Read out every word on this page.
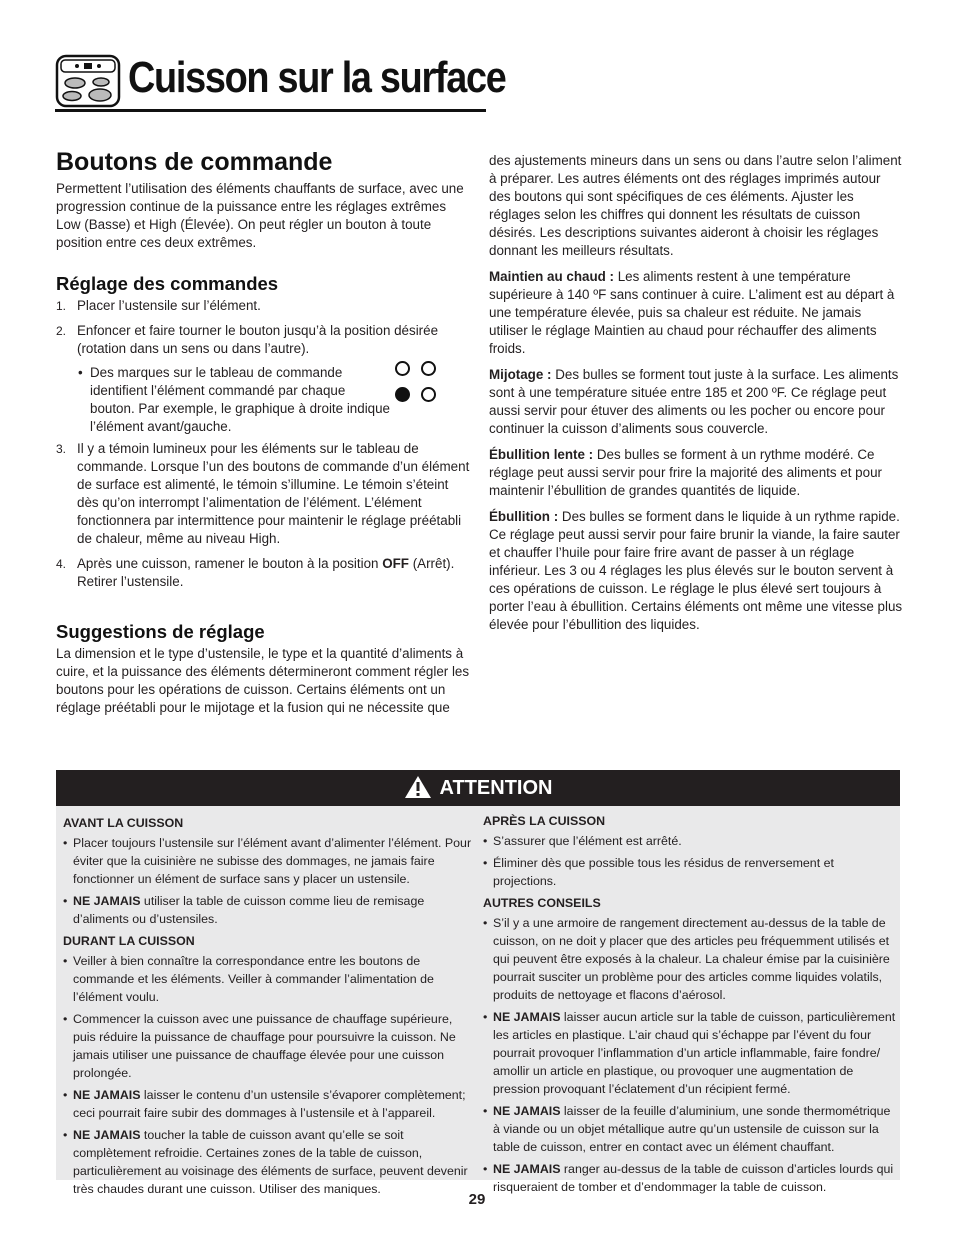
Cuisson sur la surface
Boutons de commande

Permettent l’utilisation des éléments chauffants de surface, avec une progression continue de la puissance entre les réglages extrêmes Low (Basse) et High (Élevée). On peut régler un bouton à toute position entre ces deux extrêmes.

Réglage des commandes
1. Placer l’ustensile sur l’élément.
2. Enfoncer et faire tourner le bouton jusqu’à la position désirée (rotation dans un sens ou dans l’autre).
• Des marques sur le tableau de commande identifient l’élément commandé par chaque bouton. Par exemple, le graphique à droite indique l’élément avant/gauche.
3. Il y a témoin lumineux pour les éléments sur le tableau de commande. Lorsque l’un des boutons de commande d’un élément de surface est alimenté, le témoin s’illumine. Le témoin s’éteint dès qu’on interrompt l’alimentation de l’élément. L’élément fonctionnera par intermittence pour maintenir le réglage préétabli de chaleur, même au niveau High.
4. Après une cuisson, ramener le bouton à la position OFF (Arrêt). Retirer l’ustensile.
Suggestions de réglage

La dimension et le type d’ustensile, le type et la quantité d’aliments à cuire, et la puissance des éléments détermineront comment régler les boutons pour les opérations de cuisson. Certains éléments ont un réglage préétabli pour le mijotage et la fusion qui ne nécessite que

des ajustements mineurs dans un sens ou dans l’autre selon l’aliment à préparer. Les autres éléments ont des réglages imprimés autour des boutons qui sont spécifiques de ces éléments. Ajuster les réglages selon les chiffres qui donnent les résultats de cuisson désirés. Les descriptions suivantes aideront à choisir les réglages donnant les meilleurs résultats.

Maintien au chaud : Les aliments restent à une température supérieure à 140 ºF sans continuer à cuire. L’aliment est au départ à une température élevée, puis sa chaleur est réduite. Ne jamais utiliser le réglage Maintien au chaud pour réchauffer des aliments froids.

Mijotage : Des bulles se forment tout juste à la surface. Les aliments sont à une température située entre 185 et 200 ºF. Ce réglage peut aussi servir pour étuver des aliments ou les pocher ou encore pour continuer la cuisson d’aliments sous couvercle.

Ébullition lente : Des bulles se forment à un rythme modéré. Ce réglage peut aussi servir pour frire la majorité des aliments et pour maintenir l’ébullition de grandes quantités de liquide.

Ébullition : Des bulles se forment dans le liquide à un rythme rapide. Ce réglage peut aussi servir pour faire brunir la viande, la faire sauter et chauffer l’huile pour faire frire avant de passer à un réglage inférieur. Les 3 ou 4 réglages les plus élevés sur le bouton servent à ces opérations de cuisson. Le réglage le plus élevé sert toujours à porter l’eau à ébullition. Certains éléments ont même une vitesse plus élevée pour l’ébullition des liquides.

ATTENTION
AVANT LA CUISSON
• Placer toujours l’ustensile sur l’élément avant d’alimenter l’élément. Pour éviter que la cuisinière ne subisse des dommages, ne jamais faire fonctionner un élément de surface sans y placer un ustensile.
• NE JAMAIS utiliser la table de cuisson comme lieu de remisage d’aliments ou d’ustensiles.
DURANT LA CUISSON
• Veiller à bien connaître la correspondance entre les boutons de commande et les éléments. Veiller à commander l’alimentation de l’élément voulu.
• Commencer la cuisson avec une puissance de chauffage supérieure, puis réduire la puissance de chauffage pour poursuivre la cuisson. Ne jamais utiliser une puissance de chauffage élevée pour une cuisson prolongée.
• NE JAMAIS laisser le contenu d’un ustensile s’évaporer complètement; ceci pourrait faire subir des dommages à l’ustensile et à l’appareil.
• NE JAMAIS toucher la table de cuisson avant qu’elle se soit complètement refroidie. Certaines zones de la table de cuisson, particulièrement au voisinage des éléments de surface, peuvent devenir très chaudes durant une cuisson. Utiliser des maniques.
APRÈS LA CUISSON
• S’assurer que l’élément est arrêté.
• Éliminer dès que possible tous les résidus de renversement et projections.
AUTRES CONSEILS
• S’il y a une armoire de rangement directement au-dessus de la table de cuisson, on ne doit y placer que des articles peu fréquemment utilisés et qui peuvent être exposés à la chaleur. La chaleur émise par la cuisinière pourrait susciter un problème pour des articles comme liquides volatils, produits de nettoyage et flacons d’aérosol.
• NE JAMAIS laisser aucun article sur la table de cuisson, particulièrement les articles en plastique. L’air chaud qui s’échappe par l’évent du four pourrait provoquer l’inflammation d’un article inflammable, faire fondre/ amollir un article en plastique, ou provoquer une augmentation de pression provoquant l’éclatement d’un récipient fermé.
• NE JAMAIS laisser de la feuille d’aluminium, une sonde thermométrique à viande ou un objet métallique autre qu’un ustensile de cuisson sur la table de cuisson, entrer en contact avec un élément chauffant.
• NE JAMAIS ranger au-dessus de la table de cuisson d’articles lourds qui risqueraient de tomber et d’endommager la table de cuisson.
29
